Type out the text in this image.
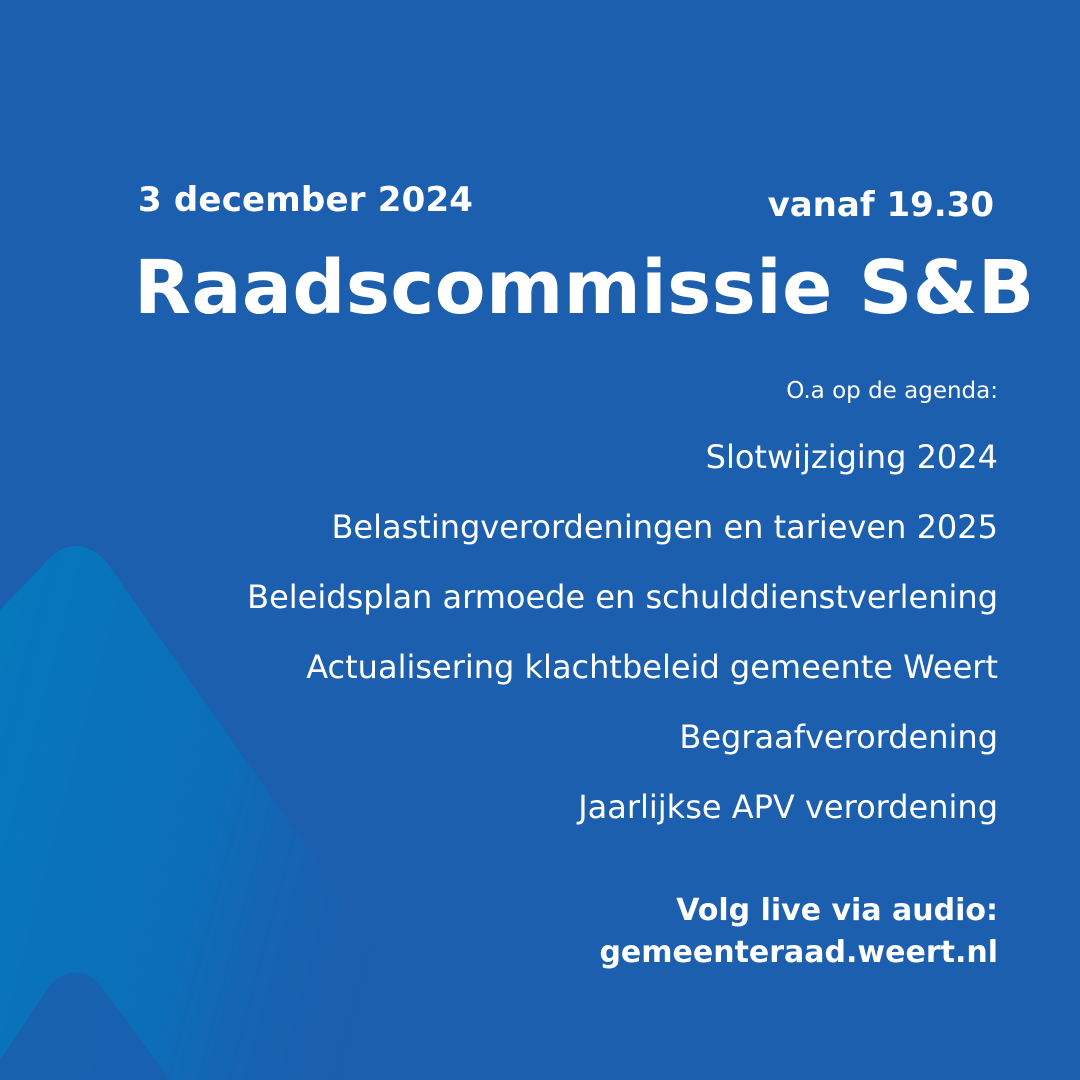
3 december 2024	vanaf 19.30
Raadscommissie S&B
O.a op de agenda:
Slotwijziging 2024
Belastingverordeningen en tarieven 2025
Beleidsplan armoede en schulddienstverlening
Actualisering klachtbeleid gemeente Weert
Begraafverordening
Jaarlijkse APV verordening
Volg live via audio:
gemeenteraad.weert.nl
